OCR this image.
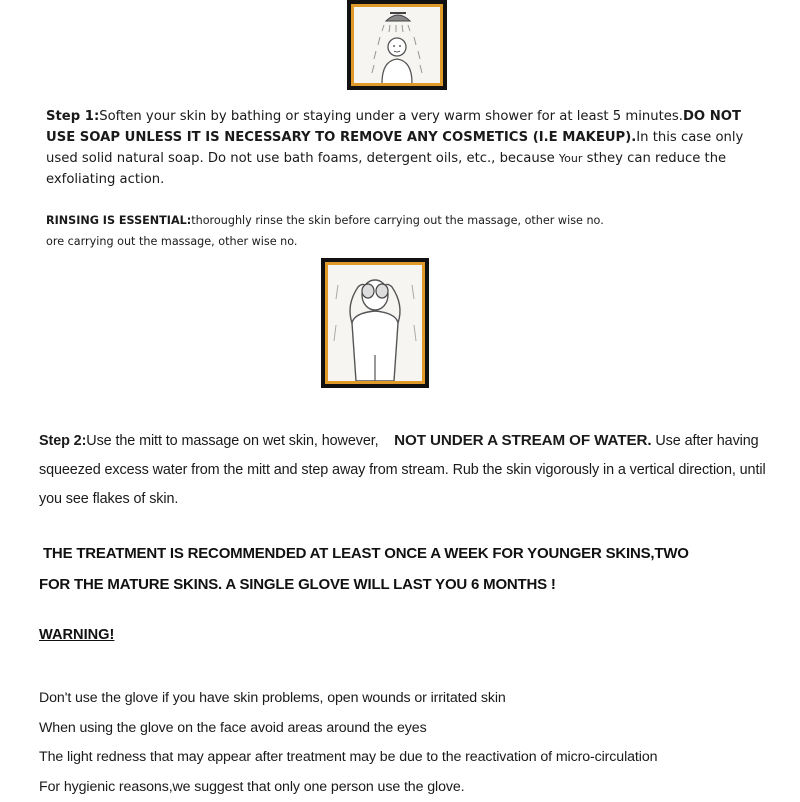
Step 1:Soften your skin by bathing or staying under a very warm shower for at least 5 minutes.DO NOT USE SOAP UNLESS IT IS NECESSARY TO REMOVE ANY COSMETICS (I.E MAKEUP).In this case only used solid natural soap. Do not use bath foams, detergent oils, etc., because Your sthey can reduce the exfoliating action.
RINSING IS ESSENTIAL:thoroughly rinse the skin before carrying out the massage, other wise no.
ore carrying out the massage, other wise no.
Step 2:Use the mitt to massage on wet skin, however,    NOT UNDER A STREAM OF WATER. Use after having squeezed excess water from the mitt and step away from stream. Rub the skin vigorously in a vertical direction, until you see flakes of skin.
THE TREATMENT IS RECOMMENDED AT LEAST ONCE A WEEK FOR YOUNGER SKINS,TWO
FOR THE MATURE SKINS. A SINGLE GLOVE WILL LAST YOU 6 MONTHS !
WARNING!
Don't use the glove if you have skin problems, open wounds or irritated skin
When using the glove on the face avoid areas around the eyes
The light redness that may appear after treatment may be due to the reactivation of micro-circulation
For hygienic reasons,we suggest that only one person use the glove.
